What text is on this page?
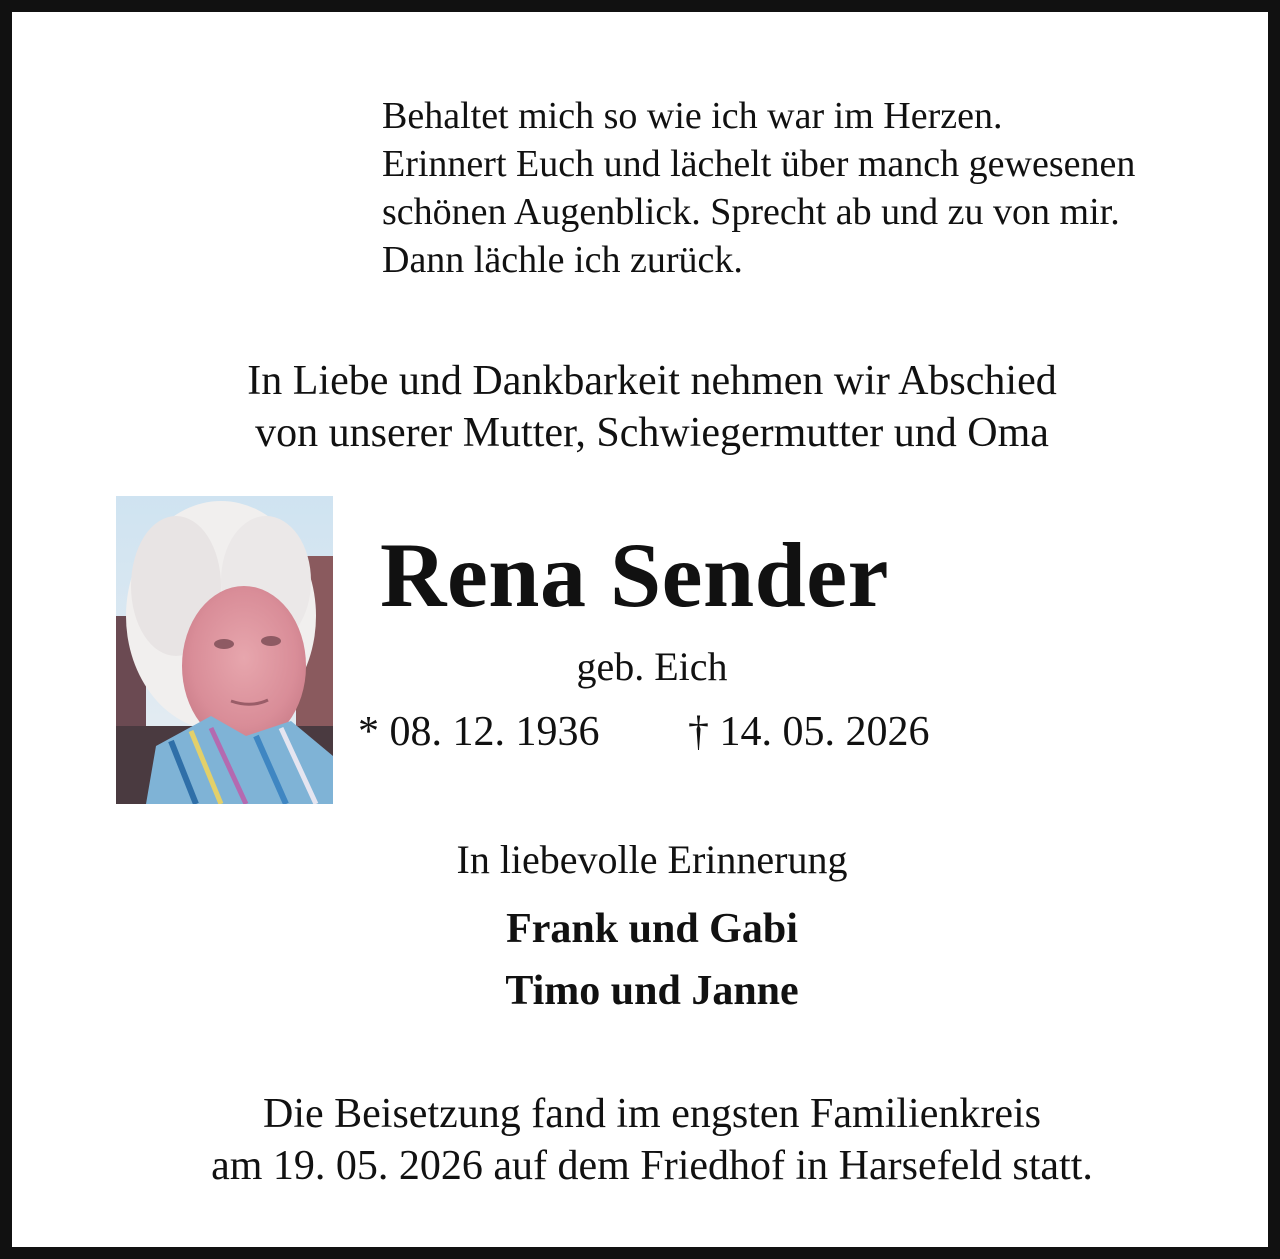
Behaltet mich so wie ich war im Herzen.
Erinnert Euch und lächelt über manch gewesenen
schönen Augenblick. Sprecht ab und zu von mir.
Dann lächle ich zurück.
In Liebe und Dankbarkeit nehmen wir Abschied
von unserer Mutter, Schwiegermutter und Oma
Rena Sender
geb. Eich
* 08. 12. 1936 † 14. 05. 2026
In liebevolle Erinnerung
Frank und Gabi
Timo und Janne
Die Beisetzung fand im engsten Familienkreis
am 19. 05. 2026 auf dem Friedhof in Harsefeld statt.
